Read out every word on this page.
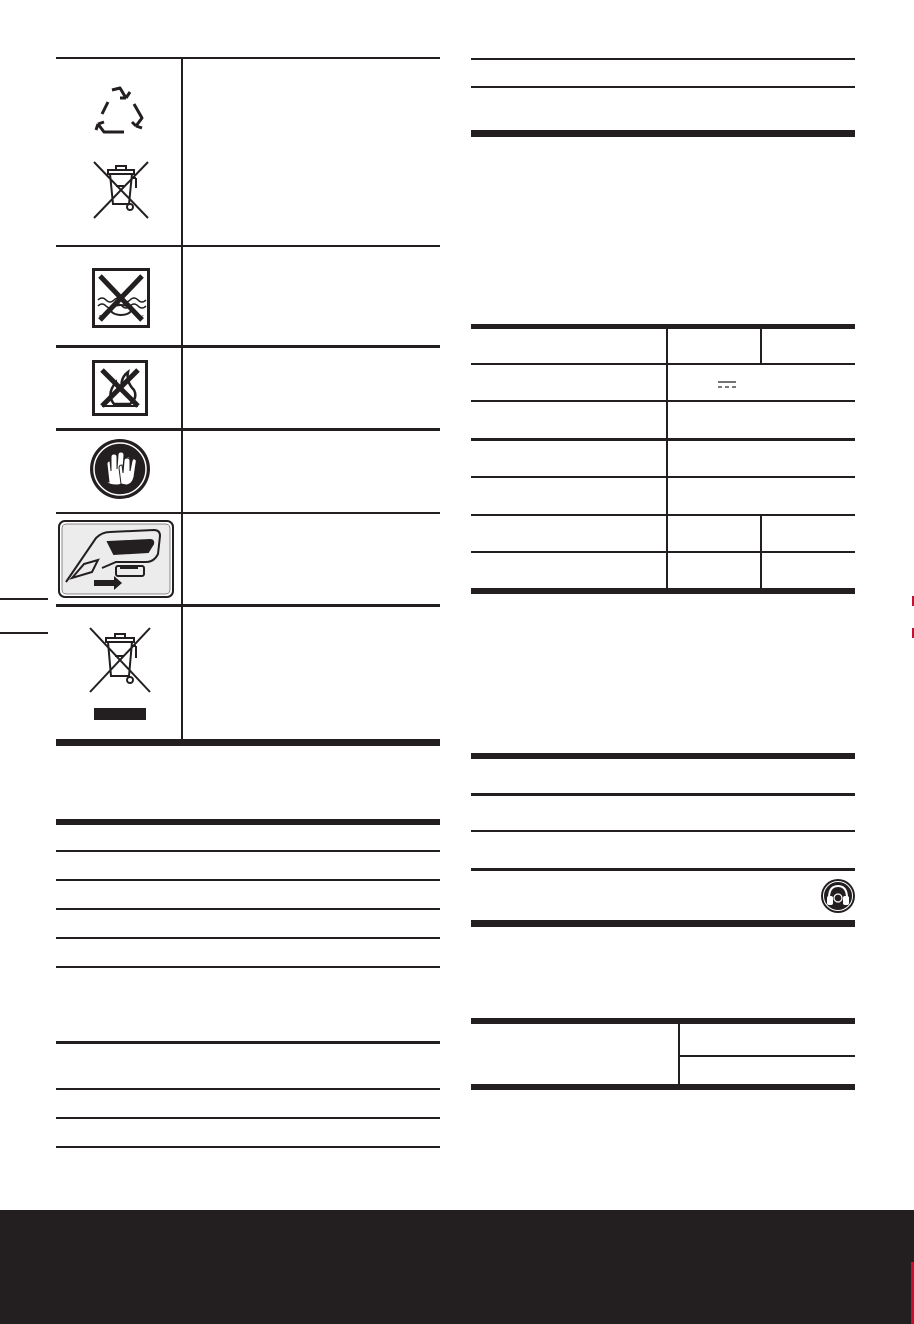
≈	≈
